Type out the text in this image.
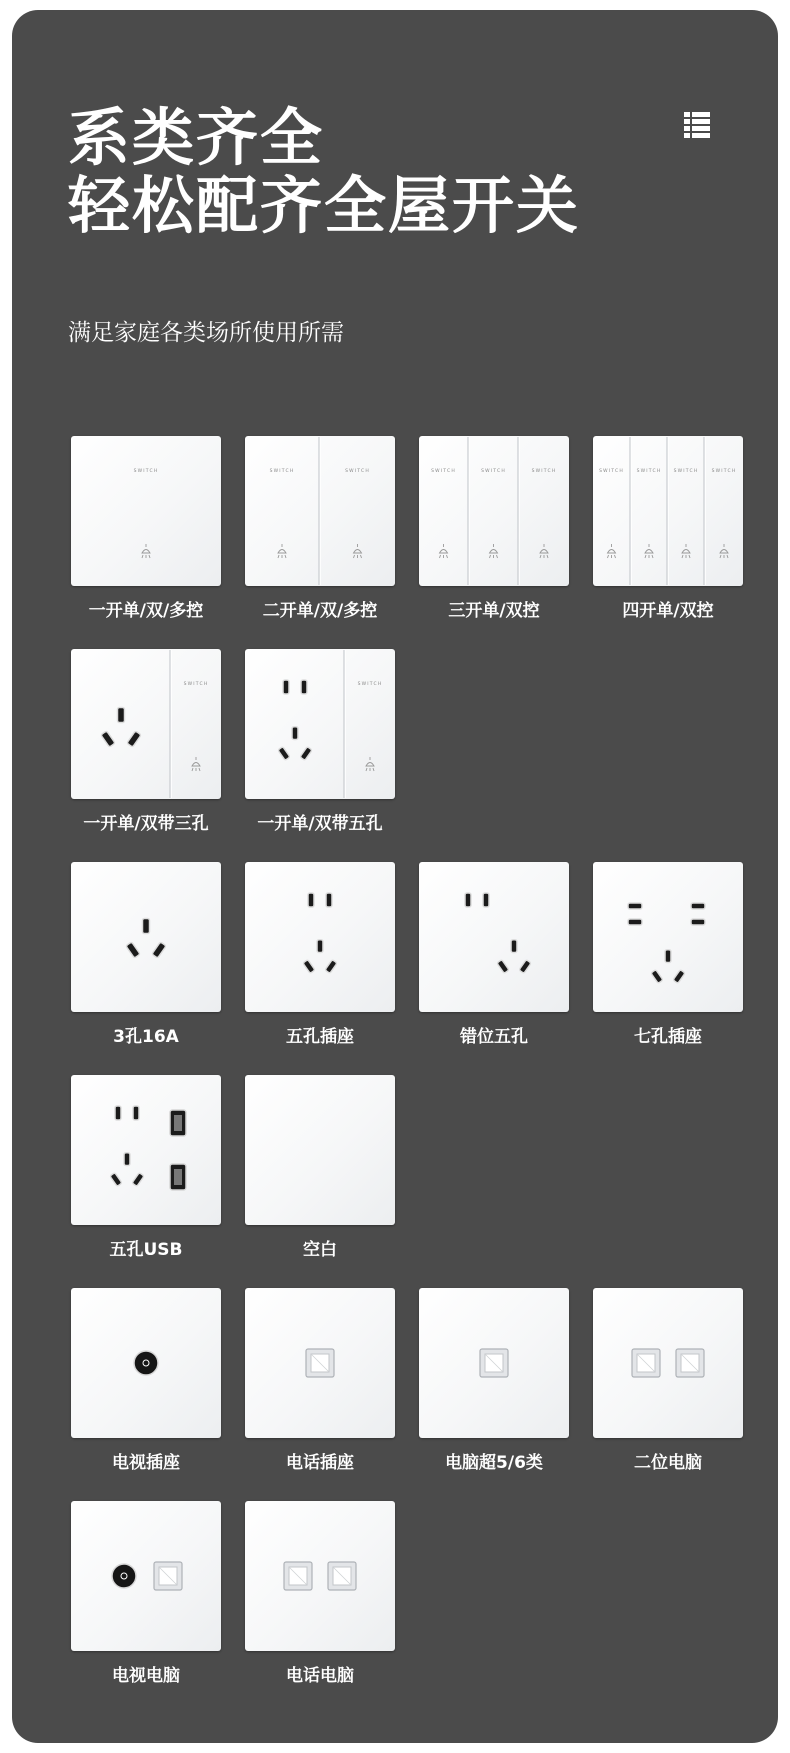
系类齐全
轻松配齐全屋开关
满足家庭各类场所使用所需
SWITCH
一开单/双/多控
SWITCH	SWITCH
二开单/双/多控
SWITCH	SWITCH	SWITCH
三开单/双控
SWITCH	SWITCH	SWITCH	SWITCH
四开单/双控
SWITCH
一开单/双带三孔
SWITCH
一开单/双带五孔
3孔16A	五孔插座	错位五孔	七孔插座
五孔USB	空白
电视插座	电话插座	电脑超5/6类	二位电脑
电视电脑	电话电脑
